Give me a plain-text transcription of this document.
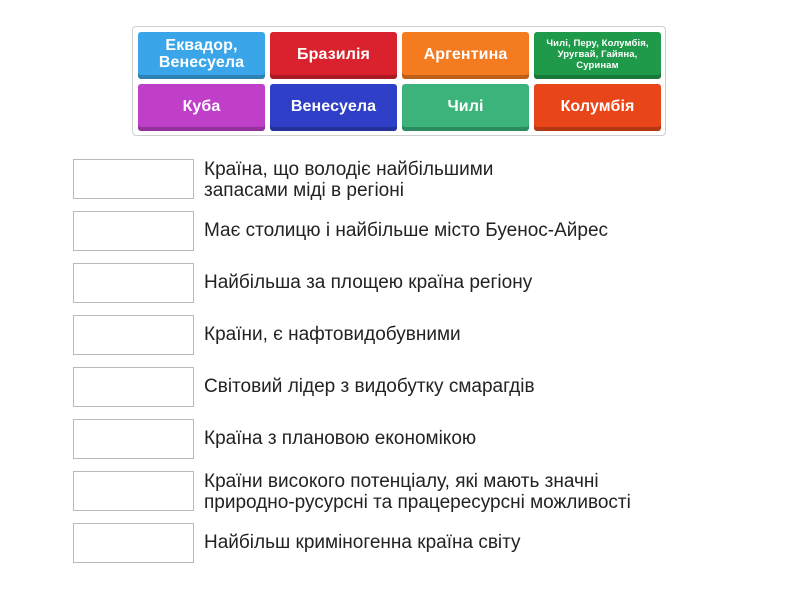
Еквадор, Венесуела	Бразилія	Аргентина
Чилі, Перу, Колумбія, Уругвай, Гайяна, Суринам
Куба	Венесуела	Чилі	Колумбія
Країна, що володіє найбільшими
запасами міді в регіоні
Має столицю і найбільше місто Буенос-Айрес
Найбільша за площею країна регіону
Країни, є нафтовидобувними
Світовий лідер з видобутку смарагдів
Країна з плановою економікою
Країни високого потенціалу, які мають значні
природно-русурсні та працересурсні можливості
Найбільш криміногенна країна світу
